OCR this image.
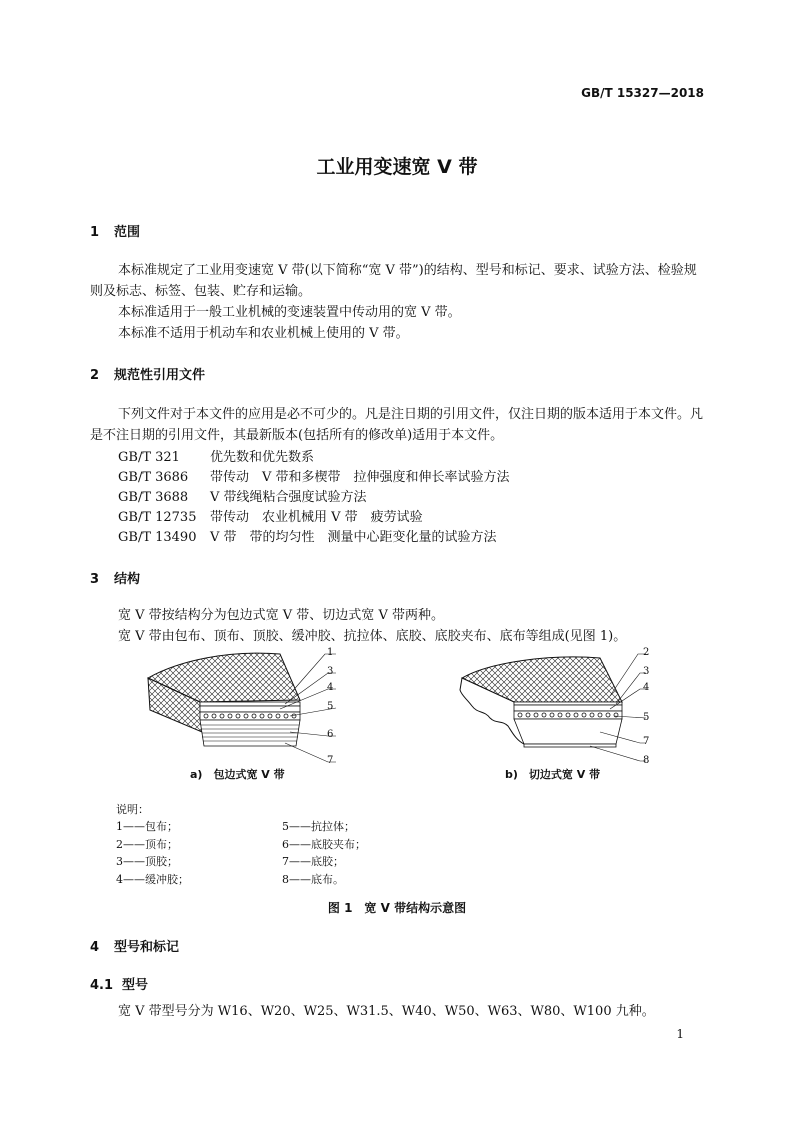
GB/T 15327—2018
工业用变速宽 V 带
1 范围
本标准规定了工业用变速宽 V 带(以下简称“宽 V 带”)的结构、型号和标记、要求、试验方法、检验规则及标志、标签、包装、贮存和运输。
本标准适用于一般工业机械的变速装置中传动用的宽 V 带。
本标准不适用于机动车和农业机械上使用的 V 带。
2 规范性引用文件
下列文件对于本文件的应用是必不可少的。凡是注日期的引用文件，仅注日期的版本适用于本文件。凡是不注日期的引用文件，其最新版本(包括所有的修改单)适用于本文件。
GB/T 321 优先数和优先数系
GB/T 3686 带传动　V 带和多楔带　拉伸强度和伸长率试验方法
GB/T 3688 V 带线绳粘合强度试验方法
GB/T 12735 带传动　农业机械用 V 带　疲劳试验
GB/T 13490 V 带　带的均匀性　测量中心距变化量的试验方法
3 结构
宽 V 带按结构分为包边式宽 V 带、切边式宽 V 带两种。
宽 V 带由包布、顶布、顶胶、缓冲胶、抗拉体、底胶、底胶夹布、底布等组成(见图 1)。
1
3
4
5
6
7
2
3
4
5
7
8
a)　包边式宽 V 带	b)　切边式宽 V 带
说明：
1——包布；
2——顶布；
3——顶胶；
4——缓冲胶；
5——抗拉体；
6——底胶夹布；
7——底胶；
8——底布。
图 1　宽 V 带结构示意图
4 型号和标记
4.1 型号
宽 V 带型号分为 W16、W20、W25、W31.5、W40、W50、W63、W80、W100 九种。
1
